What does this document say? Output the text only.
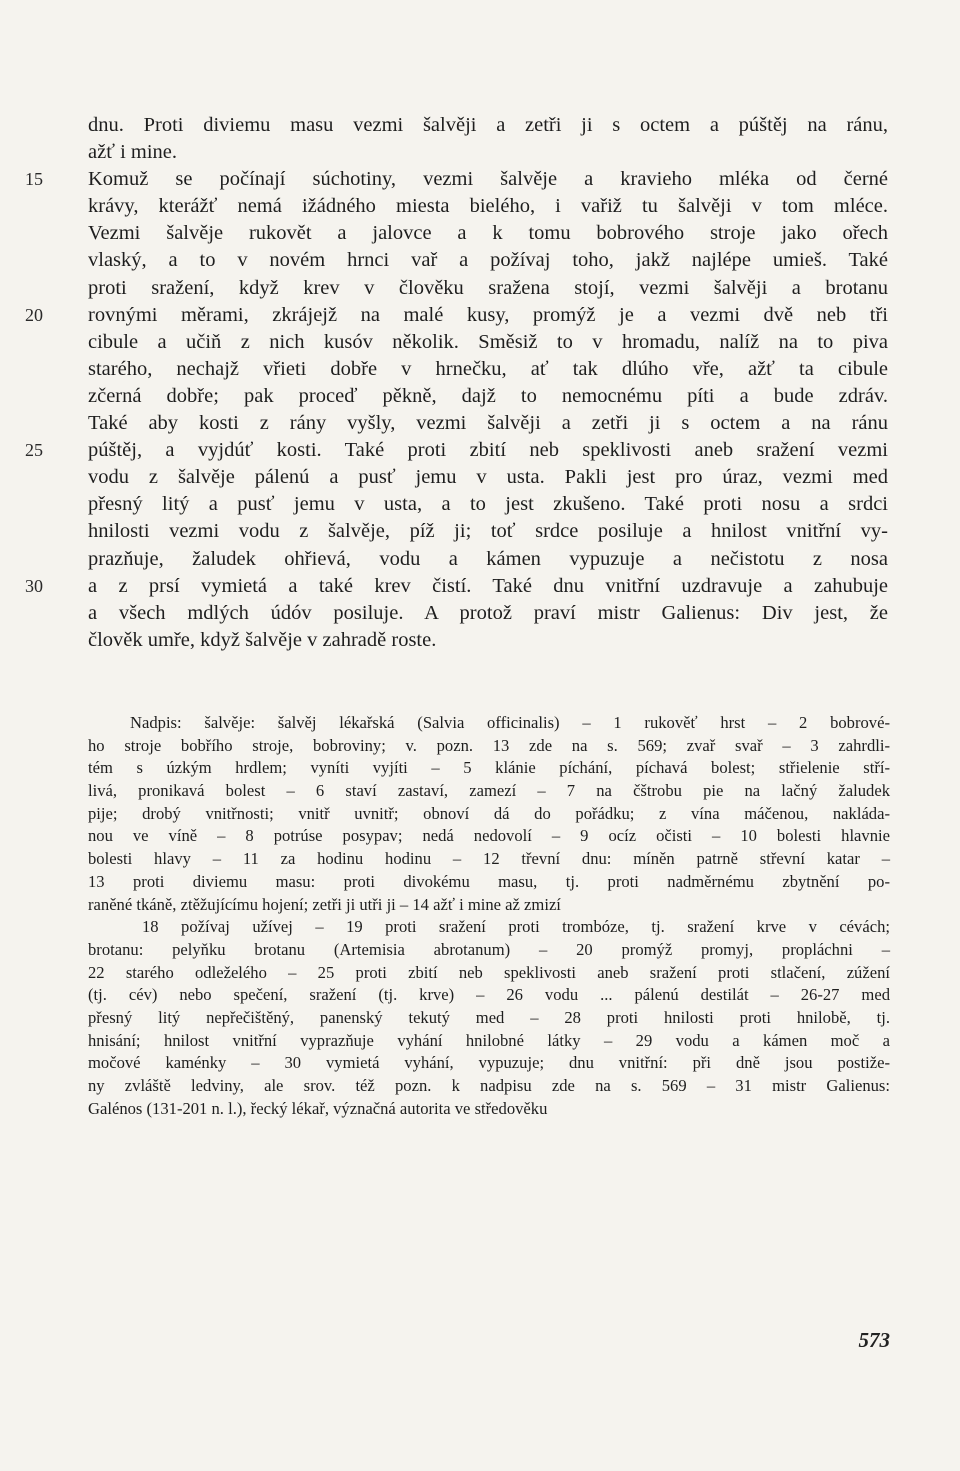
dnu. Proti diviemu masu vezmi šalvěji a zetři ji s octem a púštěj na ránu,
ažť i mine.
15	Komuž se počínají súchotiny, vezmi šalvěje a kravieho mléka od černé
krávy, kterážť nemá ižádného miesta bielého, i vařiž tu šalvěji v tom mléce.
Vezmi šalvěje rukovět a jalovce a k tomu bobrového stroje jako ořech
vlaský, a to v novém hrnci vař a požívaj toho, jakž najlépe umieš. Také
proti sražení, když krev v člověku sražena stojí, vezmi šalvěji a brotanu
20	rovnými měrami, zkrájejž na malé kusy, promýž je a vezmi dvě neb tři
cibule a učiň z nich kusóv několik. Směsiž to v hromadu, nalíž na to piva
starého, nechajž vřieti dobře v hrnečku, ať tak dlúho vře, ažť ta cibule
zčerná dobře; pak proceď pěkně, dajž to nemocnému píti a bude zdráv.
Také aby kosti z rány vyšly, vezmi šalvěji a zetři ji s octem a na ránu
25	púštěj, a vyjdúť kosti. Také proti zbití neb speklivosti aneb sražení vezmi
vodu z šalvěje pálenú a pusť jemu v usta. Pakli jest pro úraz, vezmi med
přesný litý a pusť jemu v usta, a to jest zkušeno. Také proti nosu a srdci
hnilosti vezmi vodu z šalvěje, píž ji; toť srdce posiluje a hnilost vnitřní vy-
prazňuje, žaludek ohřievá, vodu a kámen vypuzuje a nečistotu z nosa
30	a z prsí vymietá a také krev čistí. Také dnu vnitřní uzdravuje a zahubuje
a všech mdlých údóv posiluje. A protož praví mistr Galienus: Div jest, že
člověk umře, když šalvěje v zahradě roste.
Nadpis: šalvěje: šalvěj lékařská (Salvia officinalis) – 1 rukověť hrst – 2 bobrové-
ho stroje bobřího stroje, bobroviny; v. pozn. 13 zde na s. 569; zvař svař – 3 zahrdli-
tém s úzkým hrdlem; vyníti vyjíti – 5 klánie píchání, píchavá bolest; střielenie stří-
livá, pronikavá bolest – 6 staví zastaví, zamezí – 7 na čštrobu pie na lačný žaludek
pije; drobý vnitřnosti; vnitř uvnitř; obnoví dá do pořádku; z vína máčenou, nakláda-
nou ve víně – 8 potrúse posypav; nedá nedovolí – 9 ocíz očisti – 10 bolesti hlavnie
bolesti hlavy – 11 za hodinu hodinu – 12 třevní dnu: míněn patrně střevní katar –
13 proti diviemu masu: proti divokému masu, tj. proti nadměrnému zbytnění po-
raněné tkáně, ztěžujícímu hojení; zetři ji utři ji – 14 ažť i mine až zmizí
18 požívaj užívej – 19 proti sražení proti trombóze, tj. sražení krve v cévách;
brotanu: pelyňku brotanu (Artemisia abrotanum) – 20 promýž promyj, propláchni –
22 starého odleželého – 25 proti zbití neb speklivosti aneb sražení proti stlačení, zúžení
(tj. cév) nebo spečení, sražení (tj. krve) – 26 vodu ... pálenú destilát – 26-27 med
přesný litý nepřečištěný, panenský tekutý med – 28 proti hnilosti proti hnilobě, tj.
hnisání; hnilost vnitřní vyprazňuje vyhání hnilobné látky – 29 vodu a kámen moč a
močové kaménky – 30 vymietá vyhání, vypuzuje; dnu vnitřní: při dně jsou postiže-
ny zvláště ledviny, ale srov. též pozn. k nadpisu zde na s. 569 – 31 mistr Galienus:
Galénos (131-201 n. l.), řecký lékař, význačná autorita ve středověku
573
